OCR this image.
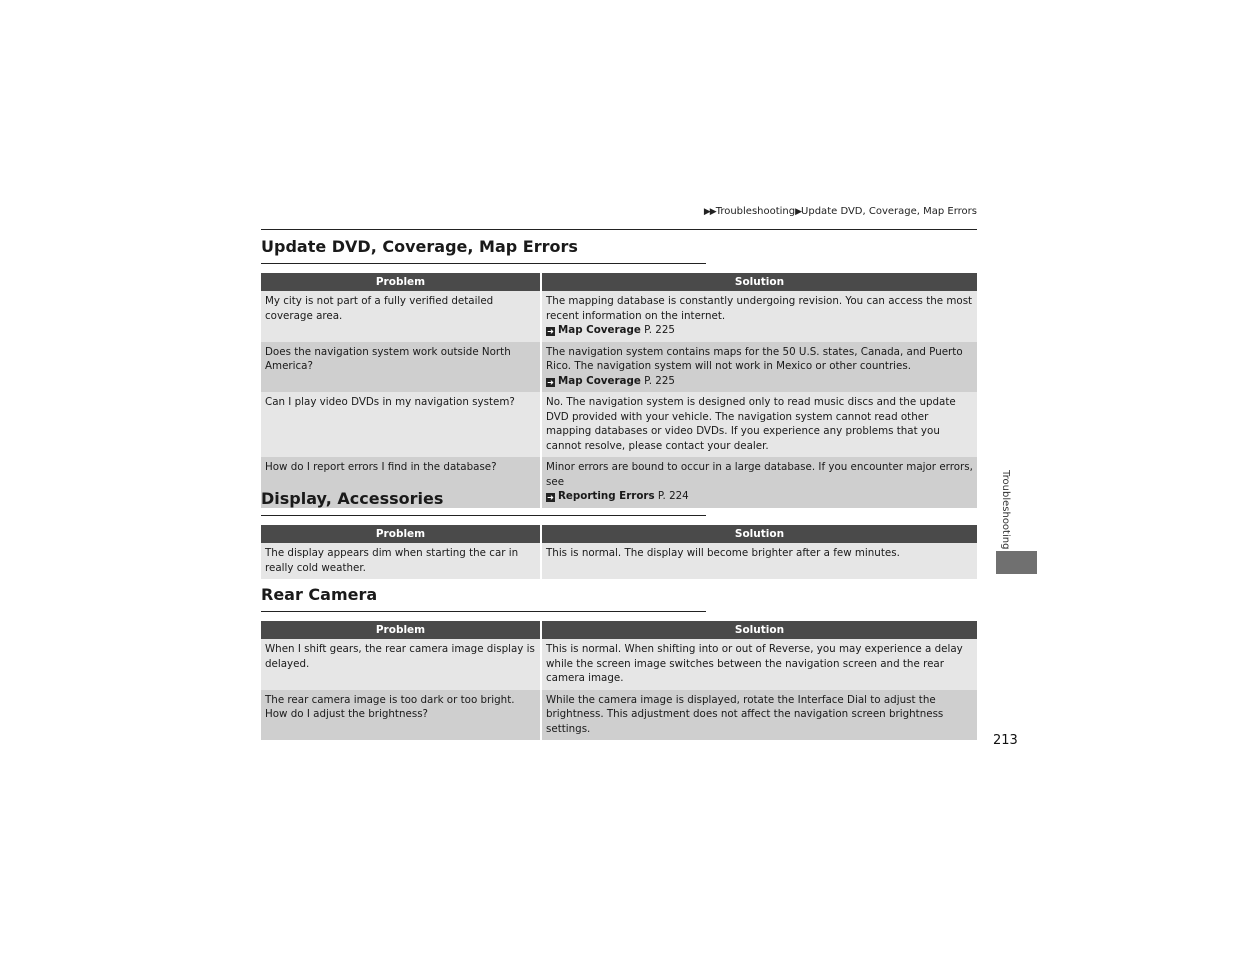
▶▶Troubleshooting▶Update DVD, Coverage, Map Errors
Update DVD, Coverage, Map Errors
Problem	Solution
My city is not part of a fully verified detailed coverage area.	The mapping database is constantly undergoing revision. You can access the most recent information on the internet.
➜ Map Coverage P. 225

Does the navigation system work outside North America?	The navigation system contains maps for the 50 U.S. states, Canada, and Puerto Rico. The navigation system will not work in Mexico or other countries.
➜ Map Coverage P. 225

Can I play video DVDs in my navigation system?	No. The navigation system is designed only to read music discs and the update DVD provided with your vehicle. The navigation system cannot read other mapping databases or video DVDs. If you experience any problems that you cannot resolve, please contact your dealer.
How do I report errors I find in the database?	Minor errors are bound to occur in a large database. If you encounter major errors, see
➜ Reporting Errors P. 224
Display, Accessories
Problem	Solution
The display appears dim when starting the car in really cold weather.	This is normal. The display will become brighter after a few minutes.
Rear Camera
Problem	Solution
When I shift gears, the rear camera image display is delayed.	This is normal. When shifting into or out of Reverse, you may experience a delay while the screen image switches between the navigation screen and the rear camera image.
The rear camera image is too dark or too bright. How do I adjust the brightness?	While the camera image is displayed, rotate the Interface Dial to adjust the brightness. This adjustment does not affect the navigation screen brightness settings.
Troubleshooting
213
